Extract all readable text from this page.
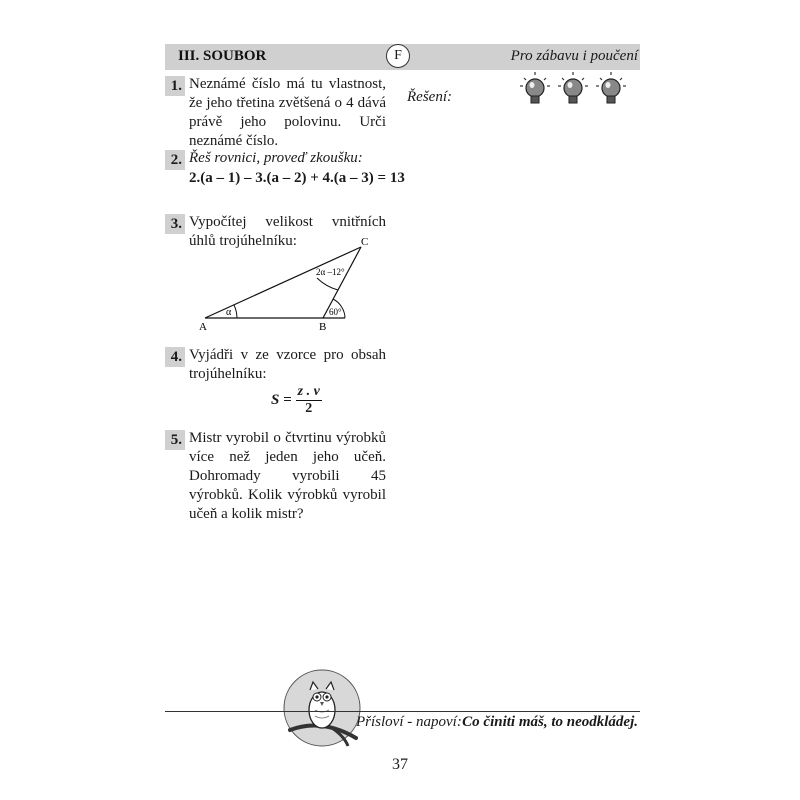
III. SOUBOR	F	Pro zábavu i poučení
Řešení:
1. Neznámé číslo má tu vlastnost, že jeho třetina zvětšená o 4 dává právě jeho polovinu. Urči neznámé číslo.
2. Řeš rovnici, proveď zkoušku:
2.(a – 1) – 3.(a – 2) + 4.(a – 3) = 13
3. Vypočítej velikost vnitřních úhlů trojúhelníku:
A	B
C
α
2α –12°
60°
4. Vyjádři v ze vzorce pro obsah trojúhelníku:
$S = \frac{z . v}{2}$
5. Mistr vyrobil o čtvrtinu výrobků více než jeden jeho učeň. Dohromady vyrobili 45 výrobků. Kolik výrobků vyrobil učeň a kolik mistr?
Přísloví - napoví: Co činiti máš, to neodkládej.
37
